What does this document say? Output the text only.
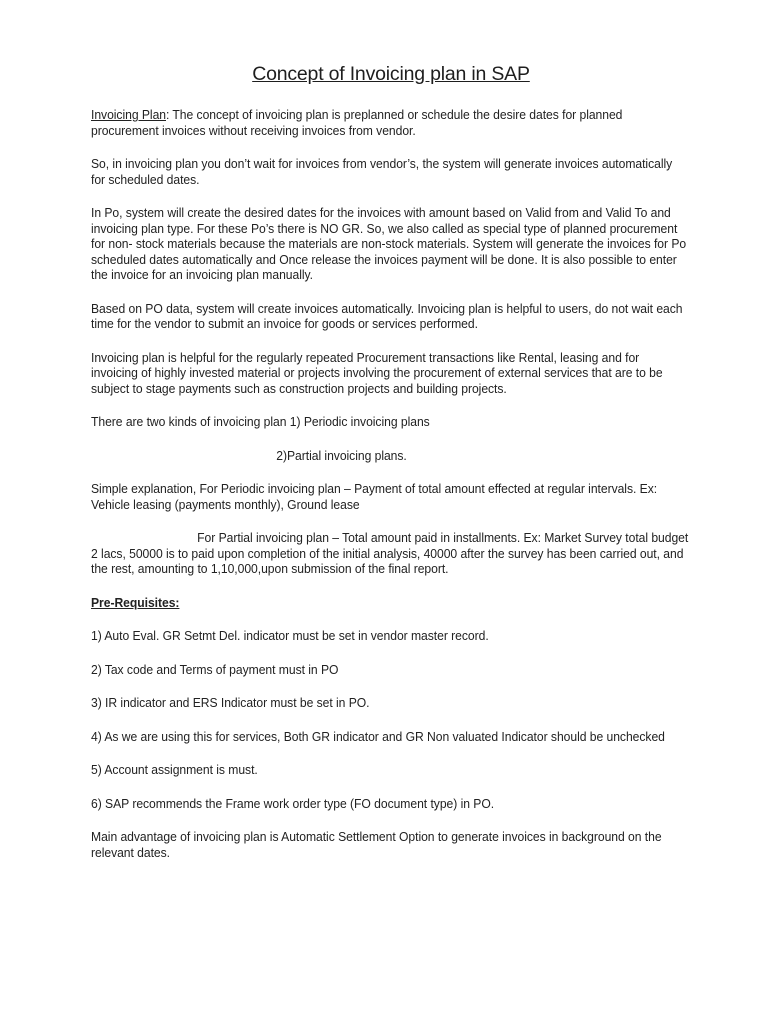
Concept of Invoicing plan in SAP

Invoicing Plan: The concept of invoicing plan is preplanned or schedule the desire dates for planned procurement invoices without receiving invoices from vendor.

So, in invoicing plan you don’t wait for invoices from vendor’s, the system will generate invoices automatically for scheduled dates.

In Po, system will create the desired dates for the invoices with amount based on Valid from and Valid To and invoicing plan type. For these Po’s there is NO GR. So, we also called as special type of planned procurement for non- stock materials because the materials are non-stock materials. System will generate the invoices for Po scheduled dates automatically and Once release the invoices payment will be done. It is also possible to enter the invoice for an invoicing plan manually.

Based on PO data, system will create invoices automatically. Invoicing plan is helpful to users, do not wait each time for the vendor to submit an invoice for goods or services performed.

Invoicing plan is helpful for the regularly repeated Procurement transactions like Rental, leasing and for invoicing of highly invested material or projects involving the procurement of external services that are to be subject to stage payments such as construction projects and building projects.

There are two kinds of invoicing plan 1) Periodic invoicing plans

2)Partial invoicing plans.

Simple explanation, For Periodic invoicing plan – Payment of total amount effected at regular intervals. Ex: Vehicle leasing (payments monthly), Ground lease

For Partial invoicing plan – Total amount paid in installments. Ex: Market Survey total budget 2 lacs, 50000 is to paid upon completion of the initial analysis, 40000 after the survey has been carried out, and the rest, amounting to 1,10,000,upon submission of the final report.

Pre-Requisites:

1) Auto Eval. GR Setmt Del. indicator must be set in vendor master record.

2) Tax code and Terms of payment must in PO

3) IR indicator and ERS Indicator must be set in PO.

4) As we are using this for services, Both GR indicator and GR Non valuated Indicator should be unchecked

5) Account assignment is must.

6) SAP recommends the Frame work order type (FO document type) in PO.

Main advantage of invoicing plan is Automatic Settlement Option to generate invoices in background on the relevant dates.
